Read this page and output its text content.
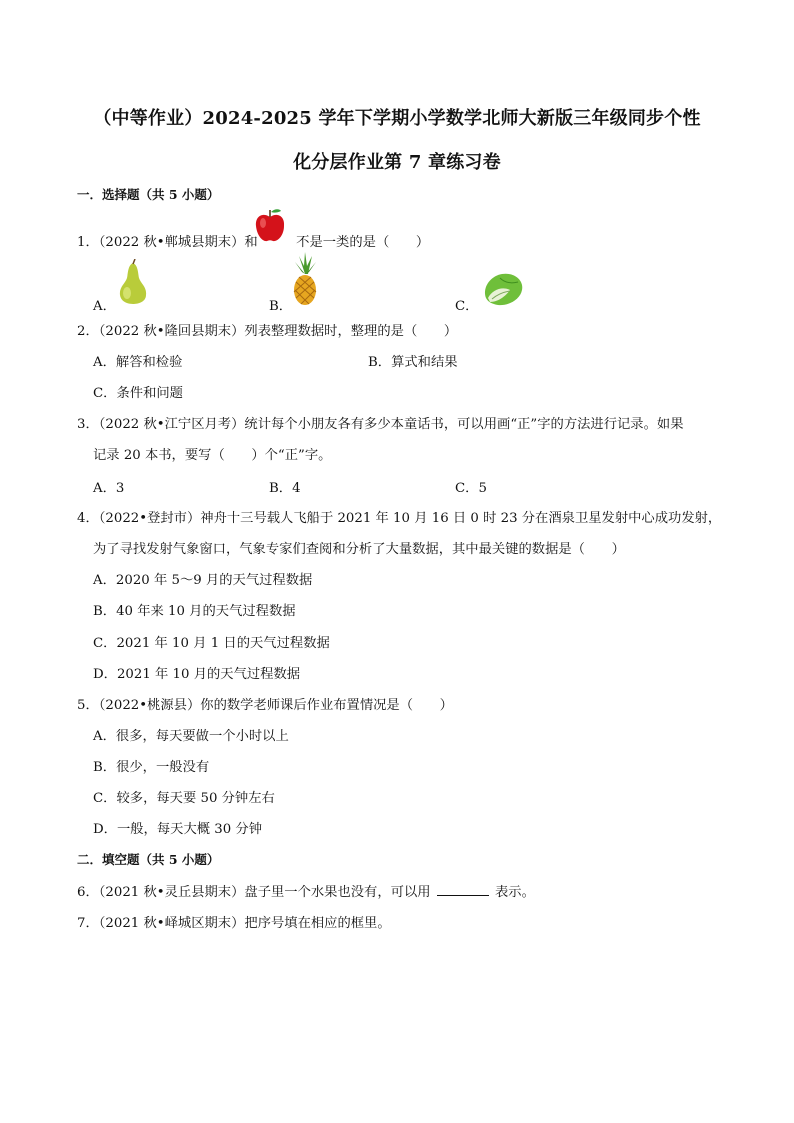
（中等作业）2024-2025 学年下学期小学数学北师大新版三年级同步个性
化分层作业第 7 章练习卷
一．选择题（共 5 小题）
1．（2022 秋•郸城县期末）和	不是一类的是（　　）
A．	B．	C．
2．（2022 秋•隆回县期末）列表整理数据时，整理的是（　　）
A．解答和检验	B．算式和结果
C．条件和问题
3．（2022 秋•江宁区月考）统计每个小朋友各有多少本童话书，可以用画“正”字的方法进行记录。如果
记录 20 本书，要写（　　）个“正”字。
A．3	B．4	C．5
4．（2022•登封市）神舟十三号载人飞船于 2021 年 10 月 16 日 0 时 23 分在酒泉卫星发射中心成功发射，
为了寻找发射气象窗口，气象专家们查阅和分析了大量数据，其中最关键的数据是（　　）
A．2020 年 5～9 月的天气过程数据
B．40 年来 10 月的天气过程数据
C．2021 年 10 月 1 日的天气过程数据
D．2021 年 10 月的天气过程数据
5．（2022•桃源县）你的数学老师课后作业布置情况是（　　）
A．很多，每天要做一个小时以上
B．很少，一般没有
C．较多，每天要 50 分钟左右
D．一般，每天大概 30 分钟
二．填空题（共 5 小题）
6．（2021 秋•灵丘县期末）盘子里一个水果也没有，可以用	表示。
7．（2021 秋•峄城区期末）把序号填在相应的框里。
